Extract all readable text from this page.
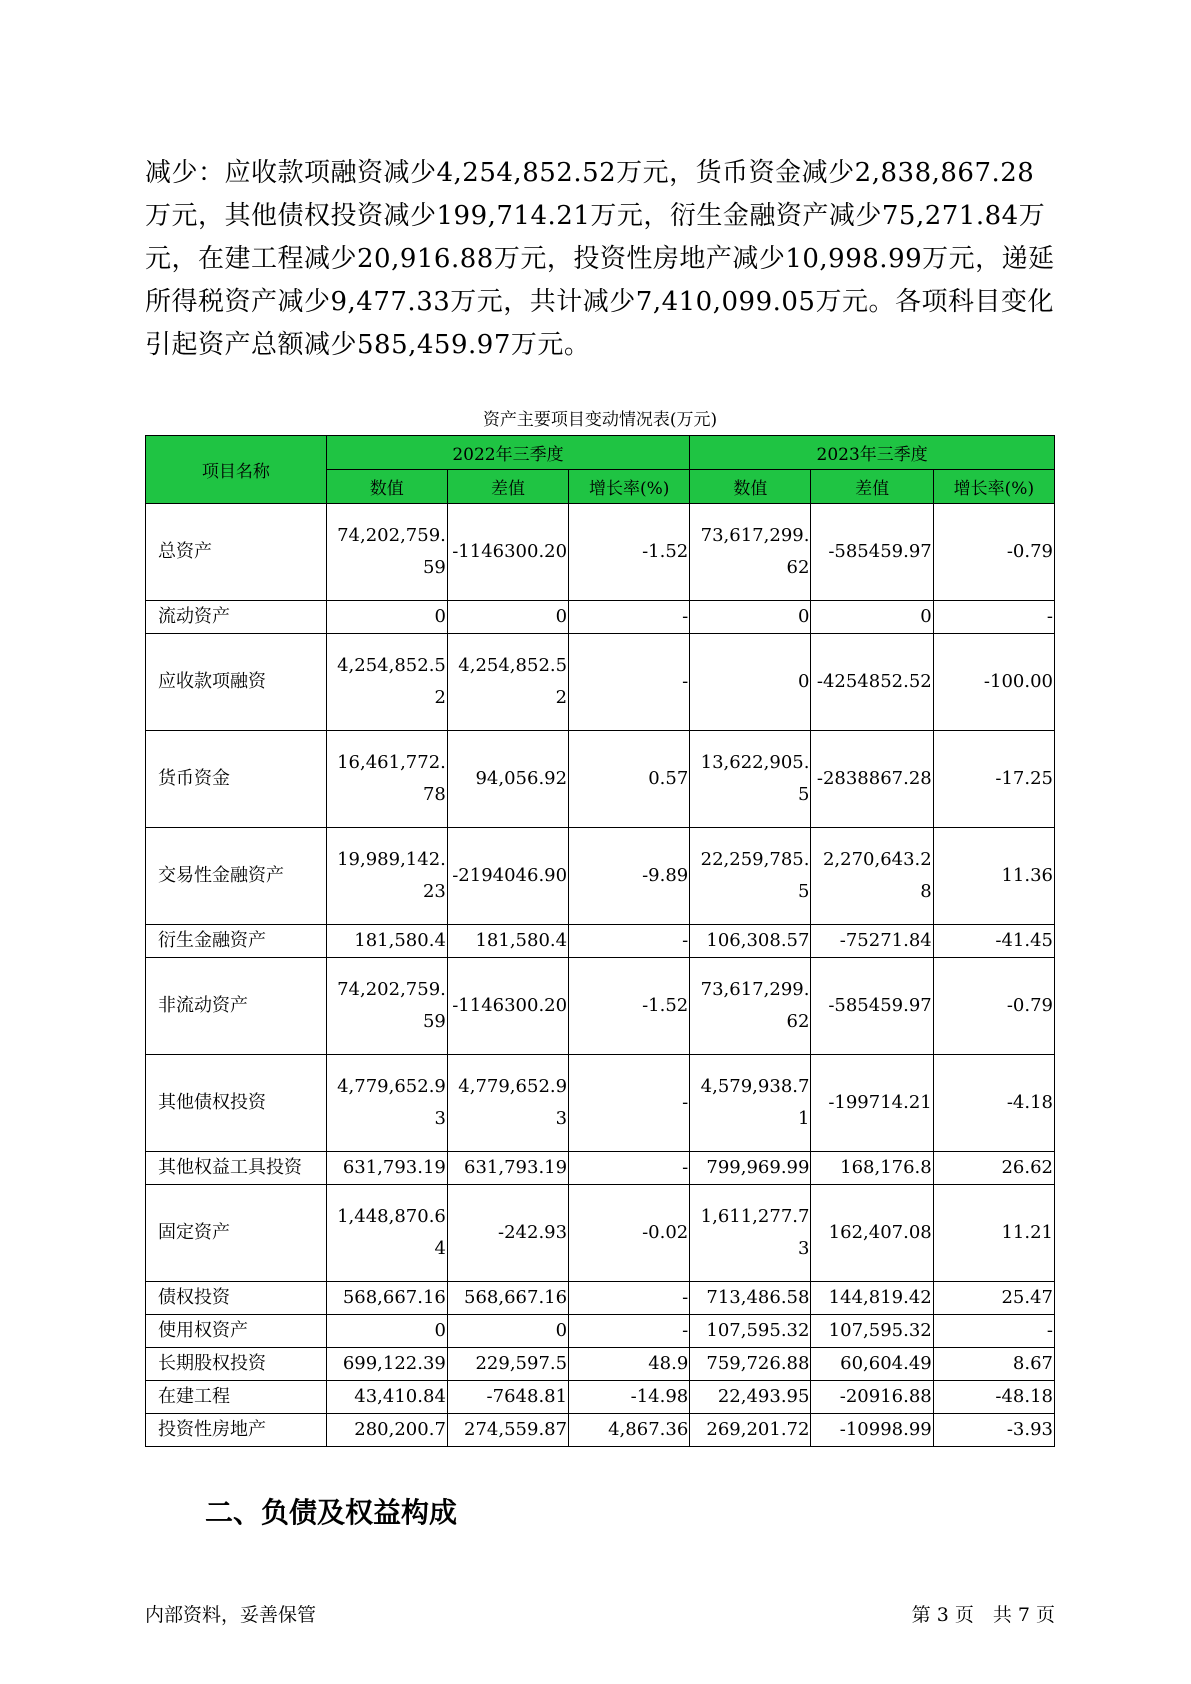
减少：应收款项融资减少4,254,852.52万元，货币资金减少2,838,867.28万元，其他债权投资减少199,714.21万元，衍生金融资产减少75,271.84万元，在建工程减少20,916.88万元，投资性房地产减少10,998.99万元，递延所得税资产减少9,477.33万元，共计减少7,410,099.05万元。各项科目变化引起资产总额减少585,459.97万元。

资产主要项目变动情况表(万元)
项目名称	2022年三季度			2023年三季度		
	数值	差值	增长率(%)	数值	差值	增长率(%)
总资产	74,202,759.59	-1146300.20	-1.52	73,617,299.62	-585459.97	-0.79
流动资产	0	0	-	0	0	-
应收款项融资	4,254,852.52	4,254,852.52	-	0	-4254852.52	-100.00
货币资金	16,461,772.78	94,056.92	0.57	13,622,905.5	-2838867.28	-17.25
交易性金融资产	19,989,142.23	-2194046.90	-9.89	22,259,785.5	2,270,643.28	11.36
衍生金融资产	181,580.4	181,580.4	-	106,308.57	-75271.84	-41.45
非流动资产	74,202,759.59	-1146300.20	-1.52	73,617,299.62	-585459.97	-0.79
其他债权投资	4,779,652.93	4,779,652.93	-	4,579,938.71	-199714.21	-4.18
其他权益工具投资	631,793.19	631,793.19	-	799,969.99	168,176.8	26.62
固定资产	1,448,870.64	-242.93	-0.02	1,611,277.73	162,407.08	11.21
债权投资	568,667.16	568,667.16	-	713,486.58	144,819.42	25.47
使用权资产	0	0	-	107,595.32	107,595.32	-
长期股权投资	699,122.39	229,597.5	48.9	759,726.88	60,604.49	8.67
在建工程	43,410.84	-7648.81	-14.98	22,493.95	-20916.88	-48.18
投资性房地产	280,200.7	274,559.87	4,867.36	269,201.72	-10998.99	-3.93
二、负债及权益构成
内部资料，妥善保管	第 3 页　共 7 页
